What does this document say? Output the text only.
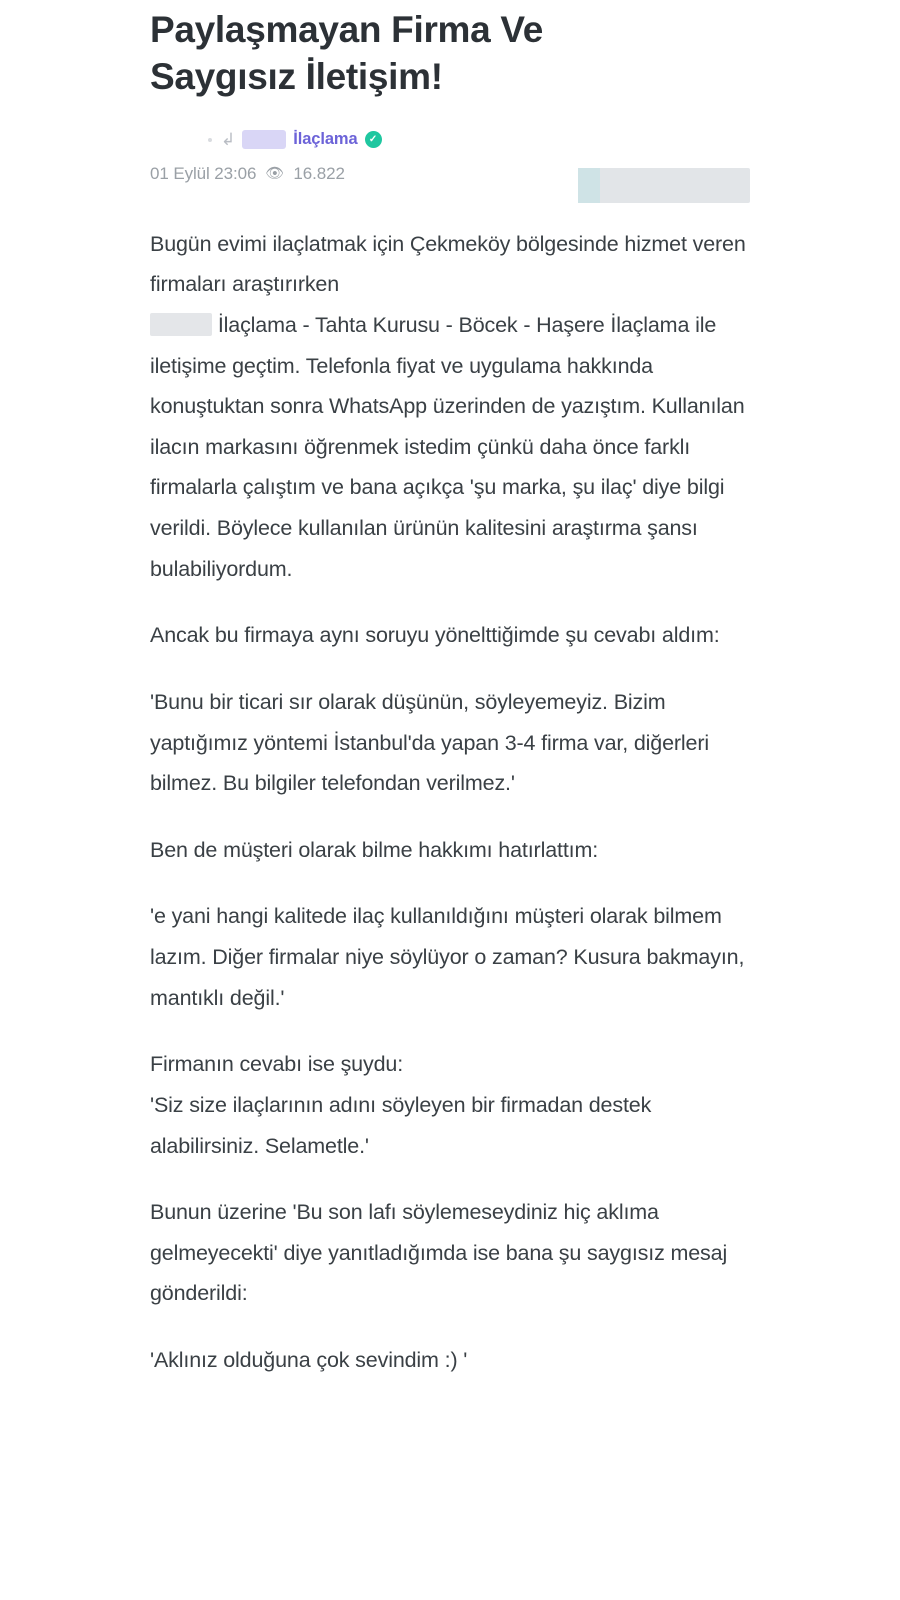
Paylaşmayan Firma Ve Saygısız İletişim!
↳	İlaçlama	✓
01 Eylül 23:06 👁 16.822

Bugün evimi ilaçlatmak için Çekmeköy bölgesinde hizmet veren firmaları araştırırken

İlaçlama - Tahta Kurusu - Böcek - Haşere İlaçlama ile iletişime geçtim. Telefonla fiyat ve uygulama hakkında konuştuktan sonra WhatsApp üzerinden de yazıştım. Kullanılan ilacın markasını öğrenmek istedim çünkü daha önce farklı firmalarla çalıştım ve bana açıkça 'şu marka, şu ilaç' diye bilgi verildi. Böylece kullanılan ürünün kalitesini araştırma şansı bulabiliyordum.

Ancak bu firmaya aynı soruyu yönelttiğimde şu cevabı aldım:

'Bunu bir ticari sır olarak düşünün, söyleyemeyiz. Bizim yaptığımız yöntemi İstanbul'da yapan 3-4 firma var, diğerleri bilmez. Bu bilgiler telefondan verilmez.'

Ben de müşteri olarak bilme hakkımı hatırlattım:

'e yani hangi kalitede ilaç kullanıldığını müşteri olarak bilmem lazım. Diğer firmalar niye söylüyor o zaman? Kusura bakmayın, mantıklı değil.'

Firmanın cevabı ise şuydu:

'Siz size ilaçlarının adını söyleyen bir firmadan destek alabilirsiniz. Selametle.'

Bunun üzerine 'Bu son lafı söylemeseydiniz hiç aklıma gelmeyecekti' diye yanıtladığımda ise bana şu saygısız mesaj gönderildi:

'Aklınız olduğuna çok sevindim :) '
